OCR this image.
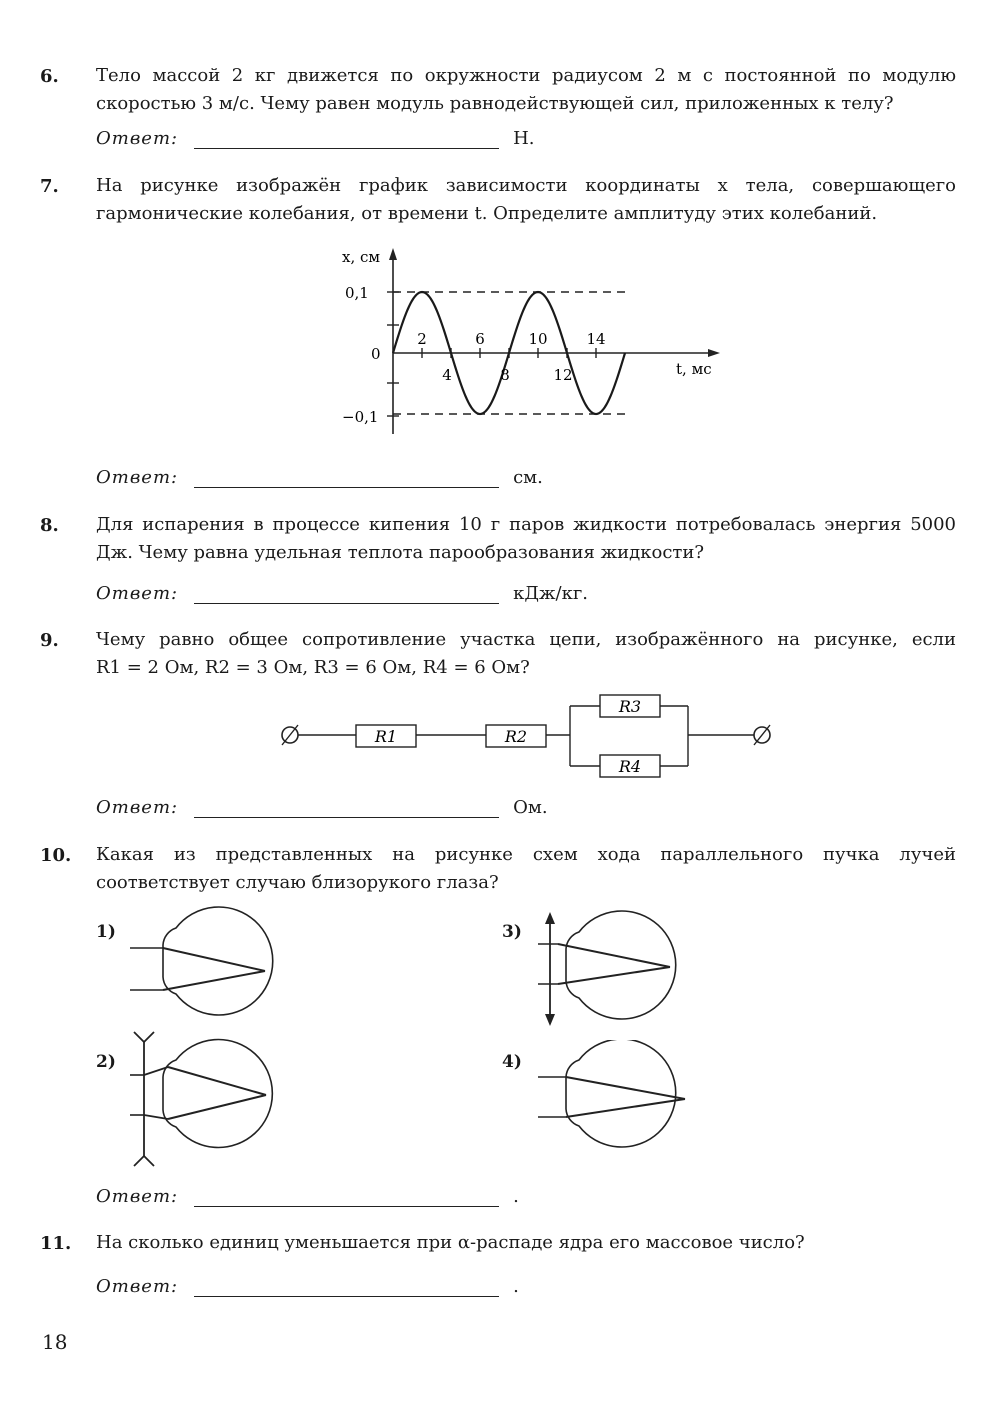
6. Тело массой 2 кг движется по окружности радиусом 2 м с постоянной по модулю скоростью 3 м/с. Чему равен модуль равнодействующей сил, приложенных к телу?
Ответ:	Н.
7. На рисунке изображён график зависимости координаты x тела, совершающего гармонические колебания, от времени t. Определите амплитуду этих колебаний.
2	6	10	14
4	8	12
x, см
0,1
0
−0,1
t, мс
Ответ:	см.
8. Для испарения в процессе кипения 10 г паров жидкости потребовалась энергия 5000 Дж. Чему равна удельная теплота парообразования жидкости?
Ответ:	кДж/кг.
9. Чему равно общее сопротивление участка цепи, изображённого на рисунке, если
R1 = 2 Ом, R2 = 3 Ом, R3 = 6 Ом, R4 = 6 Ом?
R1	R2
R3
R4
Ответ:	Ом.
10. Какая из представленных на рисунке схем хода параллельного пучка лучей соответствует случаю близорукого глаза?
1)
2)
3)
4)
Ответ:	.
11. На сколько единиц уменьшается при α-распаде ядра его массовое число?
Ответ:	.
18
